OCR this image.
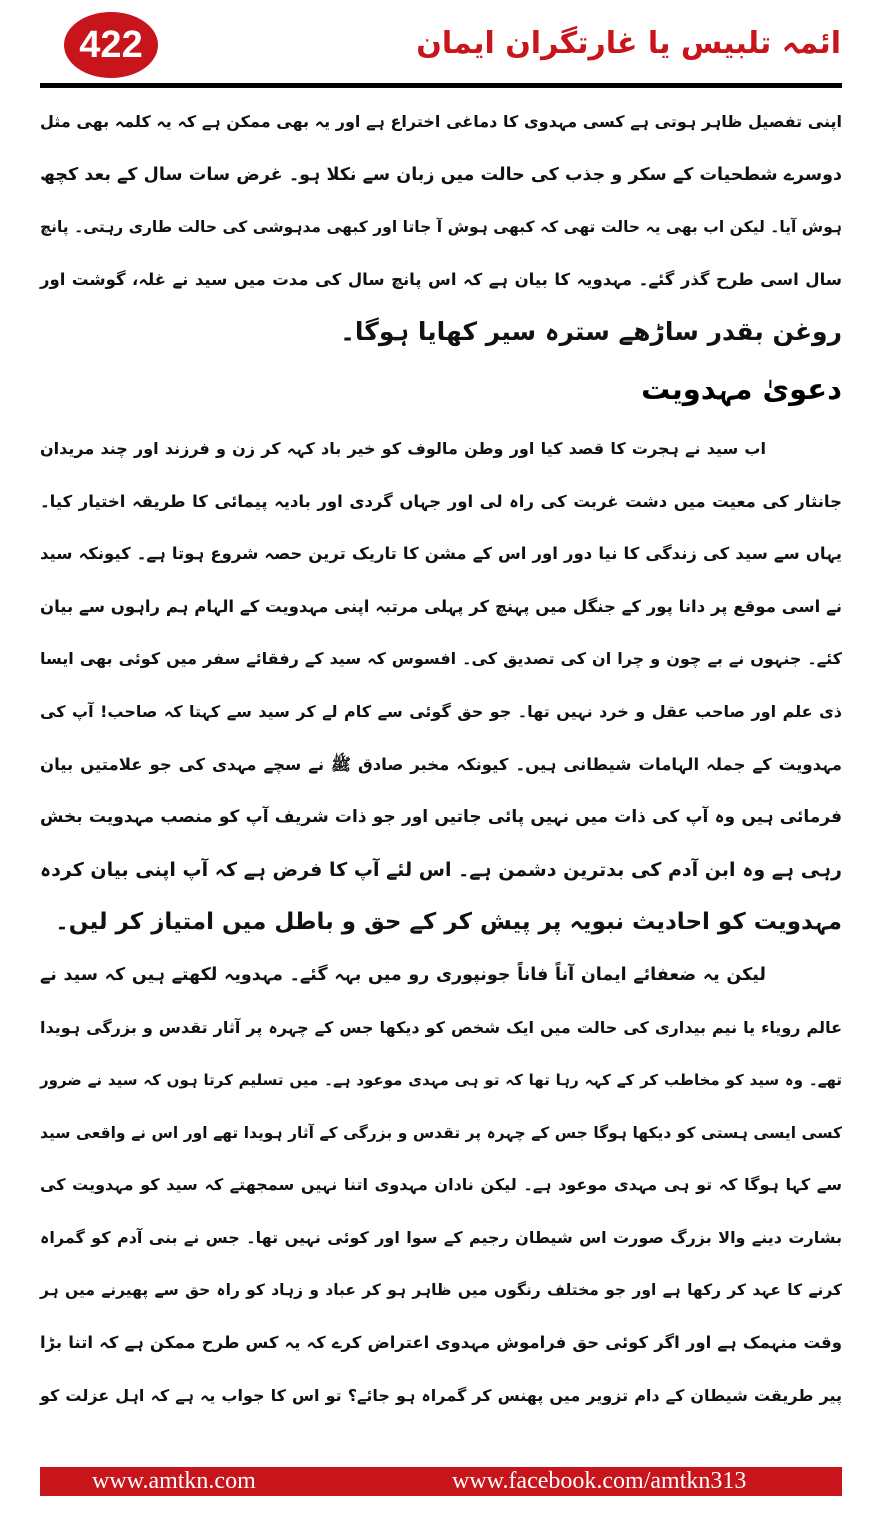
422	ائمہ تلبیس یا غارتگران ایمان
اپنی تفصیل ظاہر ہوتی ہے کسی مہدوی کا دماغی اختراع ہے اور یہ بھی ممکن ہے کہ یہ کلمہ بھی مثل
دوسرے شطحیات کے سکر و جذب کی حالت میں زبان سے نکلا ہو۔ غرض سات سال کے بعد کچھ
ہوش آیا۔ لیکن اب بھی یہ حالت تھی کہ کبھی ہوش آ جاتا اور کبھی مدہوشی کی حالت طاری رہتی۔ پانچ
سال اسی طرح گذر گئے۔ مہدویہ کا بیان ہے کہ اس پانچ سال کی مدت میں سید نے غلہ، گوشت اور
روغن بقدر ساڑھے سترہ سیر کھایا ہوگا۔
دعویٰ مہدویت
اب سید نے ہجرت کا قصد کیا اور وطن مالوف کو خیر باد کہہ کر زن و فرزند اور چند مریدان
جانثار کی معیت میں دشت غربت کی راہ لی اور جہاں گردی اور بادیہ پیمائی کا طریقہ اختیار کیا۔
یہاں سے سید کی زندگی کا نیا دور اور اس کے مشن کا تاریک ترین حصہ شروع ہوتا ہے۔ کیونکہ سید
نے اسی موقع پر دانا پور کے جنگل میں پہنچ کر پہلی مرتبہ اپنی مہدویت کے الہام ہم راہوں سے بیان
کئے۔ جنہوں نے بے چون و چرا ان کی تصدیق کی۔ افسوس کہ سید کے رفقائے سفر میں کوئی بھی ایسا
ذی علم اور صاحب عقل و خرد نہیں تھا۔ جو حق گوئی سے کام لے کر سید سے کہتا کہ صاحب! آپ کی
مہدویت کے جملہ الہامات شیطانی ہیں۔ کیونکہ مخبر صادق ﷺ نے سچے مہدی کی جو علامتیں بیان
فرمائی ہیں وہ آپ کی ذات میں نہیں پائی جاتیں اور جو ذات شریف آپ کو منصب مہدویت بخش
رہی ہے وہ ابن آدم کی بدترین دشمن ہے۔ اس لئے آپ کا فرض ہے کہ آپ اپنی بیان کردہ
مہدویت کو احادیث نبویہ پر پیش کر کے حق و باطل میں امتیاز کر لیں۔
لیکن یہ ضعفائے ایمان آناً فاناً جونپوری رو میں بہہ گئے۔ مہدویہ لکھتے ہیں کہ سید نے
عالم رویاء یا نیم بیداری کی حالت میں ایک شخص کو دیکھا جس کے چہرہ پر آثار تقدس و بزرگی ہویدا
تھے۔ وہ سید کو مخاطب کر کے کہہ رہا تھا کہ تو ہی مہدی موعود ہے۔ میں تسلیم کرتا ہوں کہ سید نے ضرور
کسی ایسی ہستی کو دیکھا ہوگا جس کے چہرہ پر تقدس و بزرگی کے آثار ہویدا تھے اور اس نے واقعی سید
سے کہا ہوگا کہ تو ہی مہدی موعود ہے۔ لیکن نادان مہدوی اتنا نہیں سمجھتے کہ سید کو مہدویت کی
بشارت دینے والا بزرگ صورت اس شیطان رجیم کے سوا اور کوئی نہیں تھا۔ جس نے بنی آدم کو گمراہ
کرنے کا عہد کر رکھا ہے اور جو مختلف رنگوں میں ظاہر ہو کر عباد و زہاد کو راہ حق سے پھیرنے میں ہر
وقت منہمک ہے اور اگر کوئی حق فراموش مہدوی اعتراض کرے کہ یہ کس طرح ممکن ہے کہ اتنا بڑا
پیر طریقت شیطان کے دام تزویر میں پھنس کر گمراہ ہو جائے؟ تو اس کا جواب یہ ہے کہ اہل عزلت کو
www.amtkn.com	www.facebook.com/amtkn313
